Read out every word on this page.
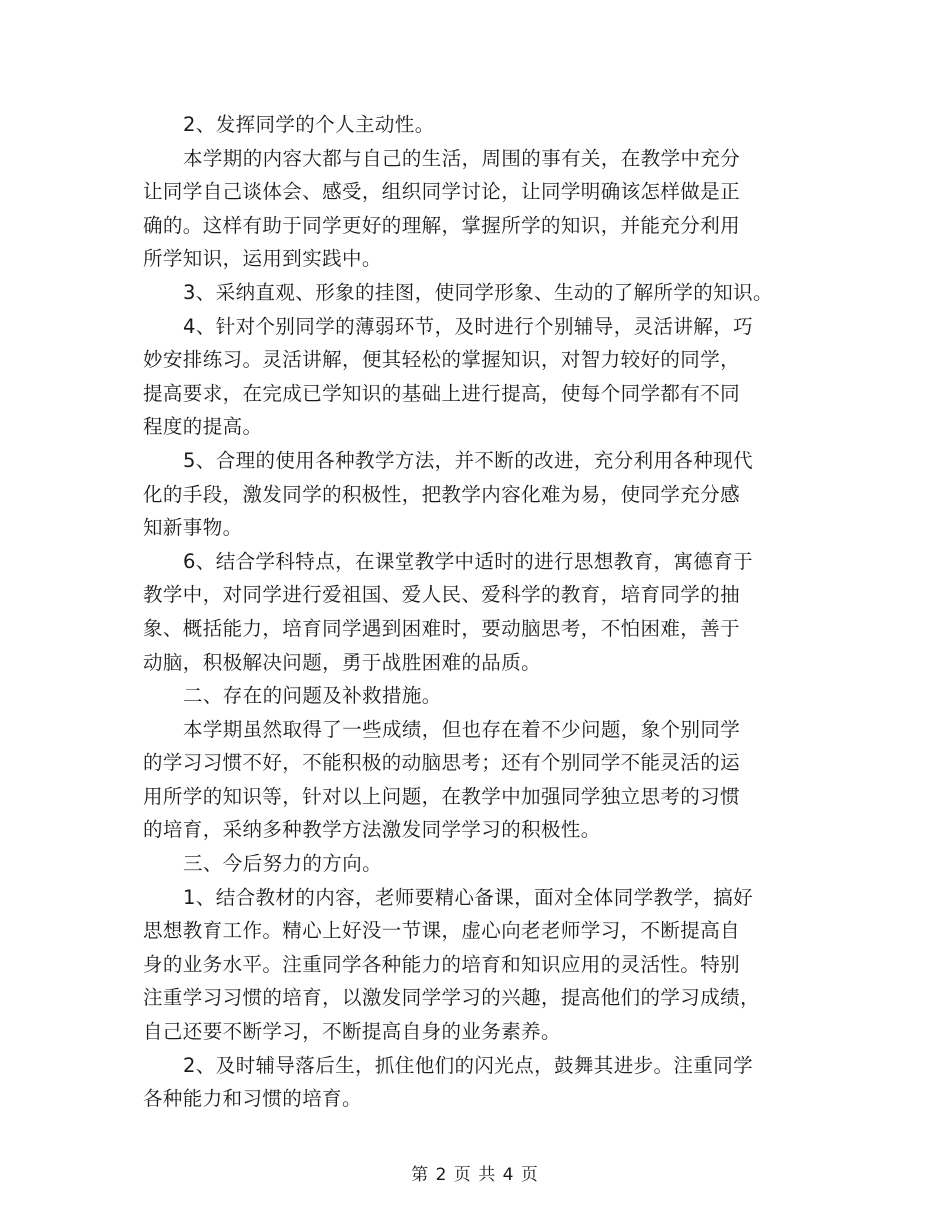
2、发挥同学的个人主动性。
本学期的内容大都与自己的生活，周围的事有关，在教学中充分
让同学自己谈体会、感受，组织同学讨论，让同学明确该怎样做是正
确的。这样有助于同学更好的理解，掌握所学的知识，并能充分利用
所学知识，运用到实践中。
3、采纳直观、形象的挂图，使同学形象、生动的了解所学的知识。
4、针对个别同学的薄弱环节，及时进行个别辅导，灵活讲解，巧
妙安排练习。灵活讲解，便其轻松的掌握知识，对智力较好的同学，
提高要求，在完成已学知识的基础上进行提高，使每个同学都有不同
程度的提高。
5、合理的使用各种教学方法，并不断的改进，充分利用各种现代
化的手段，激发同学的积极性，把教学内容化难为易，使同学充分感
知新事物。
6、结合学科特点，在课堂教学中适时的进行思想教育，寓德育于
教学中，对同学进行爱祖国、爱人民、爱科学的教育，培育同学的抽
象、概括能力，培育同学遇到困难时，要动脑思考，不怕困难，善于
动脑，积极解决问题，勇于战胜困难的品质。
二、存在的问题及补救措施。
本学期虽然取得了一些成绩，但也存在着不少问题，象个别同学
的学习习惯不好，不能积极的动脑思考；还有个别同学不能灵活的运
用所学的知识等，针对以上问题，在教学中加强同学独立思考的习惯
的培育，采纳多种教学方法激发同学学习的积极性。
三、今后努力的方向。
1、结合教材的内容，老师要精心备课，面对全体同学教学，搞好
思想教育工作。精心上好没一节课，虚心向老老师学习，不断提高自
身的业务水平。注重同学各种能力的培育和知识应用的灵活性。特别
注重学习习惯的培育，以激发同学学习的兴趣，提高他们的学习成绩，
自己还要不断学习，不断提高自身的业务素养。
2、及时辅导落后生，抓住他们的闪光点，鼓舞其进步。注重同学
各种能力和习惯的培育。
第 2 页 共 4 页
